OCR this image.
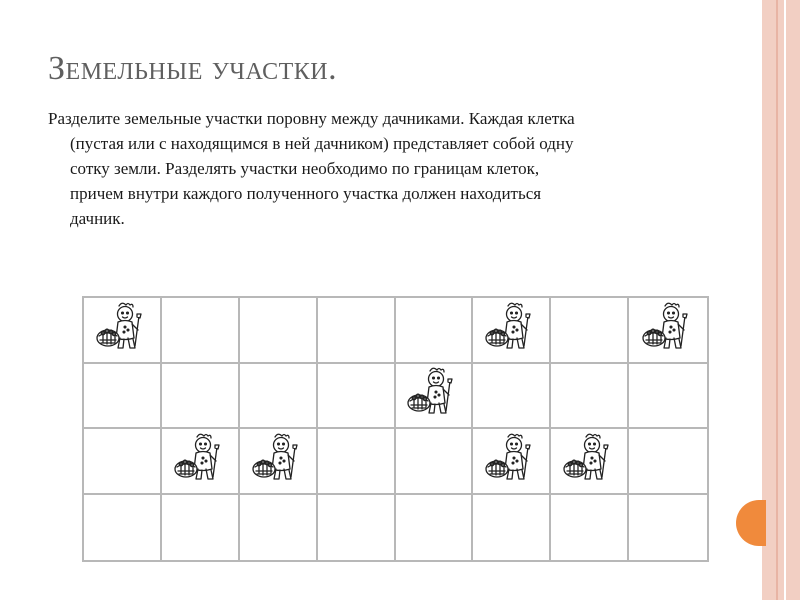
Земельные участки.
Разделите земельные участки поровну между дачниками. Каждая клетка
(пустая или с находящимся в ней дачником) представляет собой одну
сотку земли. Разделять участки необходимо по границам клеток,
причем внутри каждого полученного участка должен находиться
дачник.
